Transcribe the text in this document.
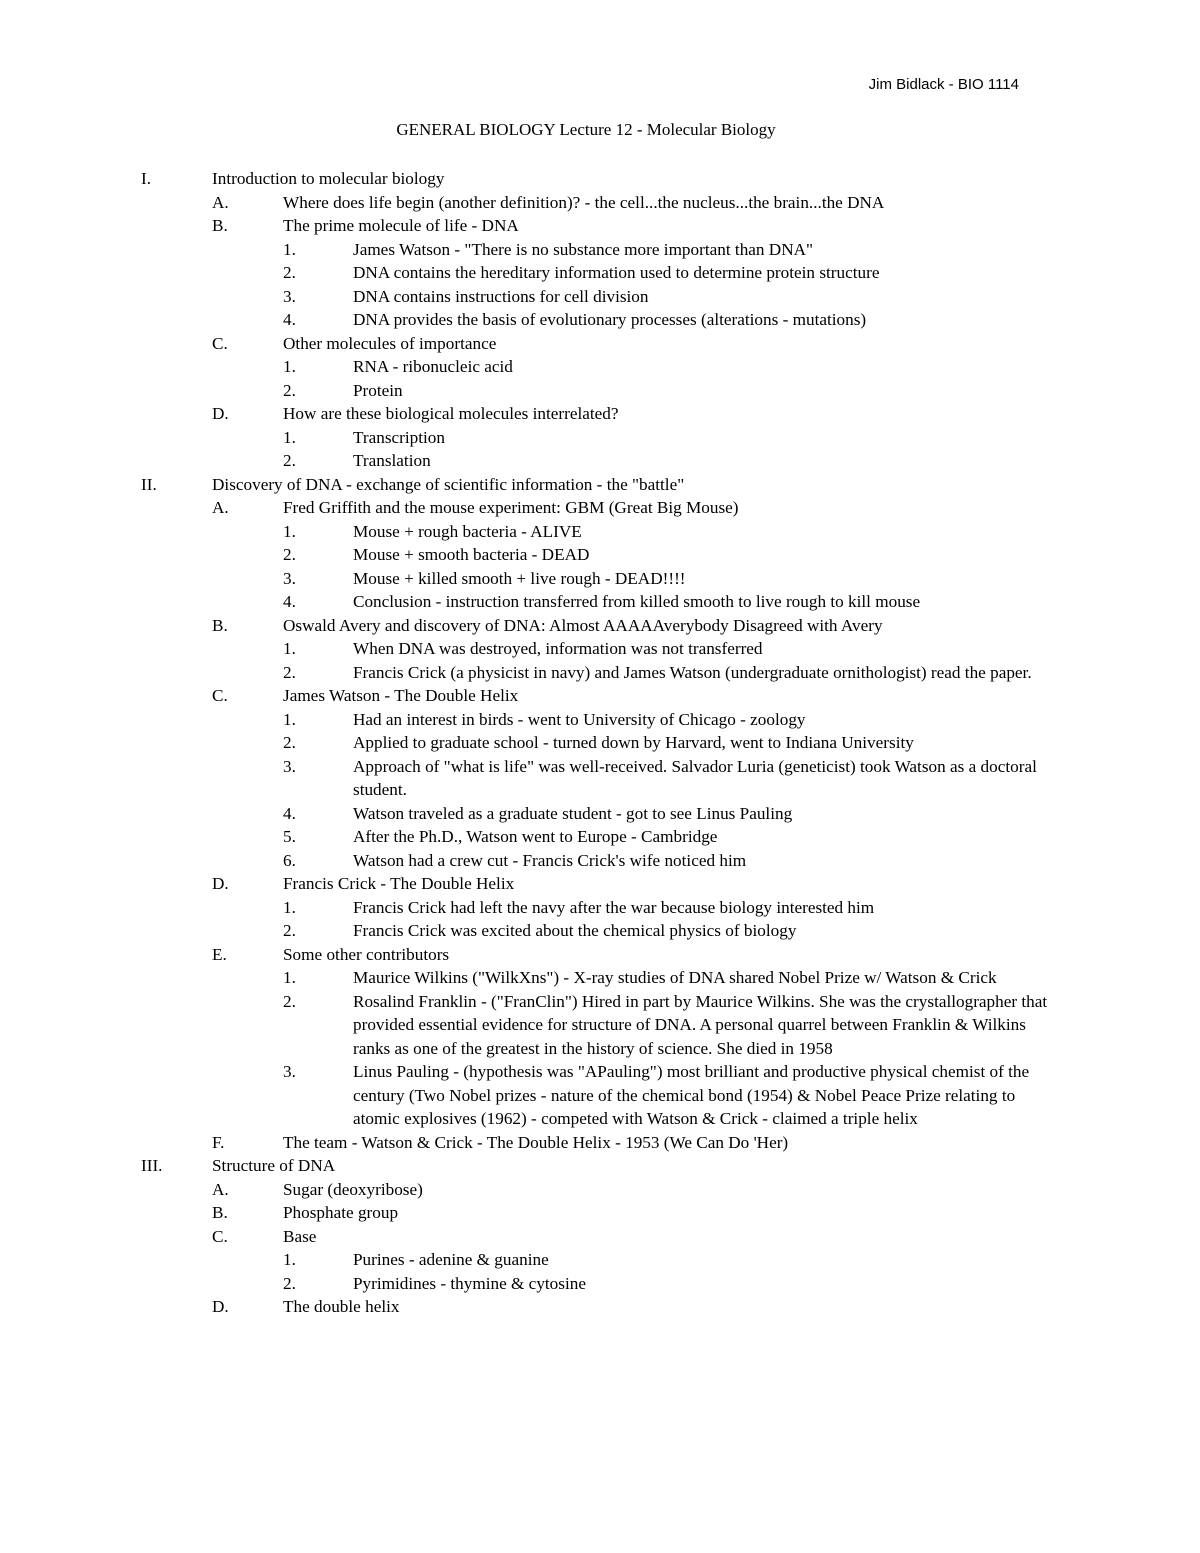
Jim Bidlack - BIO 1114
GENERAL BIOLOGY Lecture 12 - Molecular Biology
I.	Introduction to molecular biology
A.	Where does life begin (another definition)? - the cell...the nucleus...the brain...the DNA
B.	The prime molecule of life - DNA
1.	James Watson - "There is no substance more important than DNA"
2.	DNA contains the hereditary information used to determine protein structure
3.	DNA contains instructions for cell division
4.	DNA provides the basis of evolutionary processes (alterations - mutations)
C.	Other molecules of importance
1.	RNA - ribonucleic acid
2.	Protein
D.	How are these biological molecules interrelated?
1.	Transcription
2.	Translation
II.	Discovery of DNA - exchange of scientific information - the "battle"
A.	Fred Griffith and the mouse experiment: GBM (Great Big Mouse)
1.	Mouse + rough bacteria - ALIVE
2.	Mouse + smooth bacteria - DEAD
3.	Mouse + killed smooth + live rough - DEAD!!!!
4.	Conclusion - instruction transferred from killed smooth to live rough to kill mouse
B.	Oswald Avery and discovery of DNA: Almost AAAAAverybody Disagreed with Avery
1.	When DNA was destroyed, information was not transferred
2.	Francis Crick (a physicist in navy) and James Watson (undergraduate ornithologist) read the paper.
C.	James Watson - The Double Helix
1.	Had an interest in birds - went to University of Chicago - zoology
2.	Applied to graduate school - turned down by Harvard, went to Indiana University
3.	Approach of "what is life" was well-received. Salvador Luria (geneticist) took Watson as a doctoral student.
4.	Watson traveled as a graduate student - got to see Linus Pauling
5.	After the Ph.D., Watson went to Europe - Cambridge
6.	Watson had a crew cut - Francis Crick's wife noticed him
D.	Francis Crick - The Double Helix
1.	Francis Crick had left the navy after the war because biology interested him
2.	Francis Crick was excited about the chemical physics of biology
E.	Some other contributors
1.	Maurice Wilkins ("WilkXns") - X-ray studies of DNA shared Nobel Prize w/ Watson & Crick
2.	Rosalind Franklin - ("FranClin") Hired in part by Maurice Wilkins. She was the crystallographer that provided essential evidence for structure of DNA. A personal quarrel between Franklin & Wilkins ranks as one of the greatest in the history of science. She died in 1958
3.	Linus Pauling - (hypothesis was "APauling") most brilliant and productive physical chemist of the century (Two Nobel prizes - nature of the chemical bond (1954) & Nobel Peace Prize relating to atomic explosives (1962) - competed with Watson & Crick - claimed a triple helix
F.	The team - Watson & Crick - The Double Helix - 1953 (We Can Do 'Her)
III.	Structure of DNA
A.	Sugar (deoxyribose)
B.	Phosphate group
C.	Base
1.	Purines - adenine & guanine
2.	Pyrimidines - thymine & cytosine
D.	The double helix
